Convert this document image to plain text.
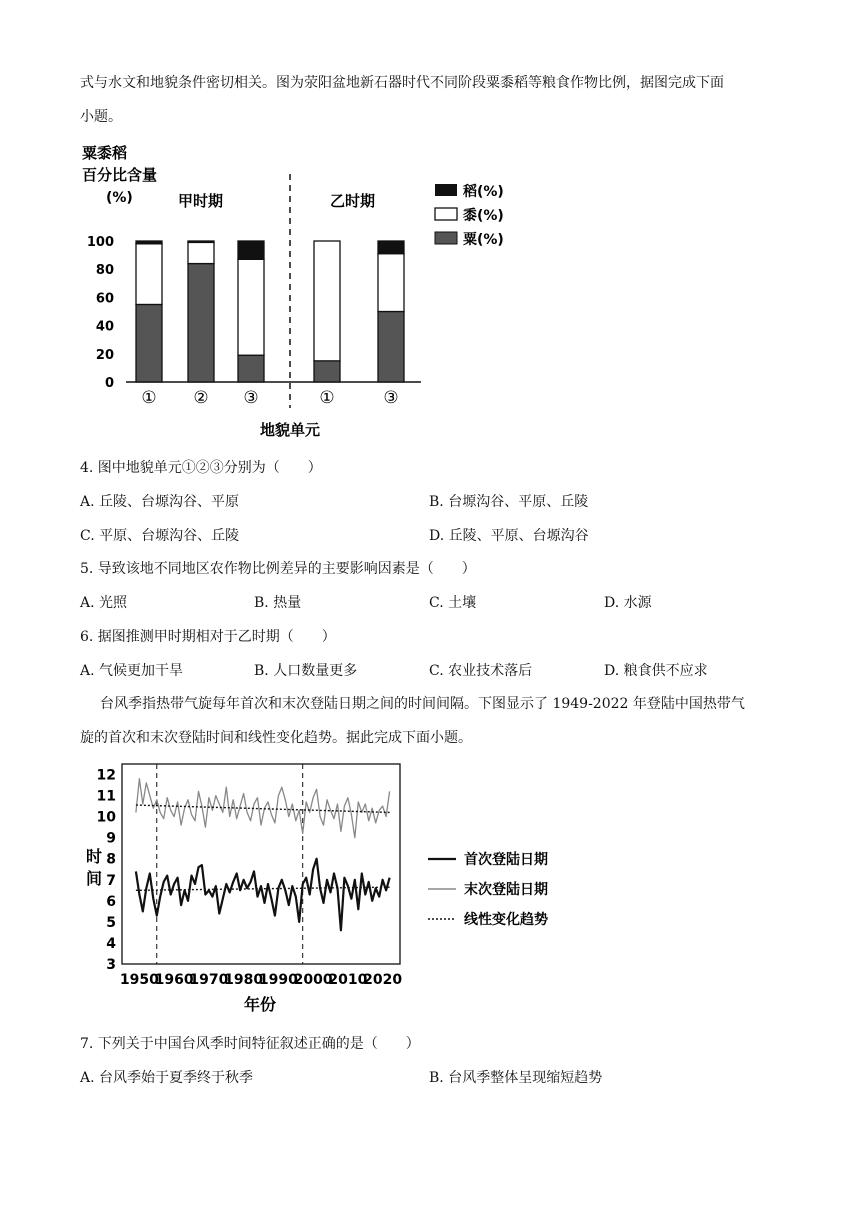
式与水文和地貌条件密切相关。图为荥阳盆地新石器时代不同阶段粟黍稻等粮食作物比例，据图完成下面
小题。
粟黍稻
百分比含量
(%)	甲时期	乙时期
100
80
60
40
20
0
① ② ③	①	③
稻(%)
黍(%)
粟(%)
地貌单元
4. 图中地貌单元①②③分别为（　　）
A. 丘陵、台塬沟谷、平原	B. 台塬沟谷、平原、丘陵
C. 平原、台塬沟谷、丘陵	D. 丘陵、平原、台塬沟谷
5. 导致该地不同地区农作物比例差异的主要影响因素是（　　）
A. 光照	B. 热量	C. 土壤	D. 水源
6. 据图推测甲时期相对于乙时期（　　）
A. 气候更加干旱	B. 人口数量更多	C. 农业技术落后	D. 粮食供不应求
台风季指热带气旋每年首次和末次登陆日期之间的时间间隔。下图显示了 1949-2022 年登陆中国热带气
旋的首次和末次登陆时间和线性变化趋势。据此完成下面小题。
12
11
10
9
8
7
6
5
4
3
1950
1960
1970
1980
1990
2000
2010
2020
时
间
年份
首次登陆日期
末次登陆日期
线性变化趋势
7. 下列关于中国台风季时间特征叙述正确的是（　　）
A. 台风季始于夏季终于秋季	B. 台风季整体呈现缩短趋势
